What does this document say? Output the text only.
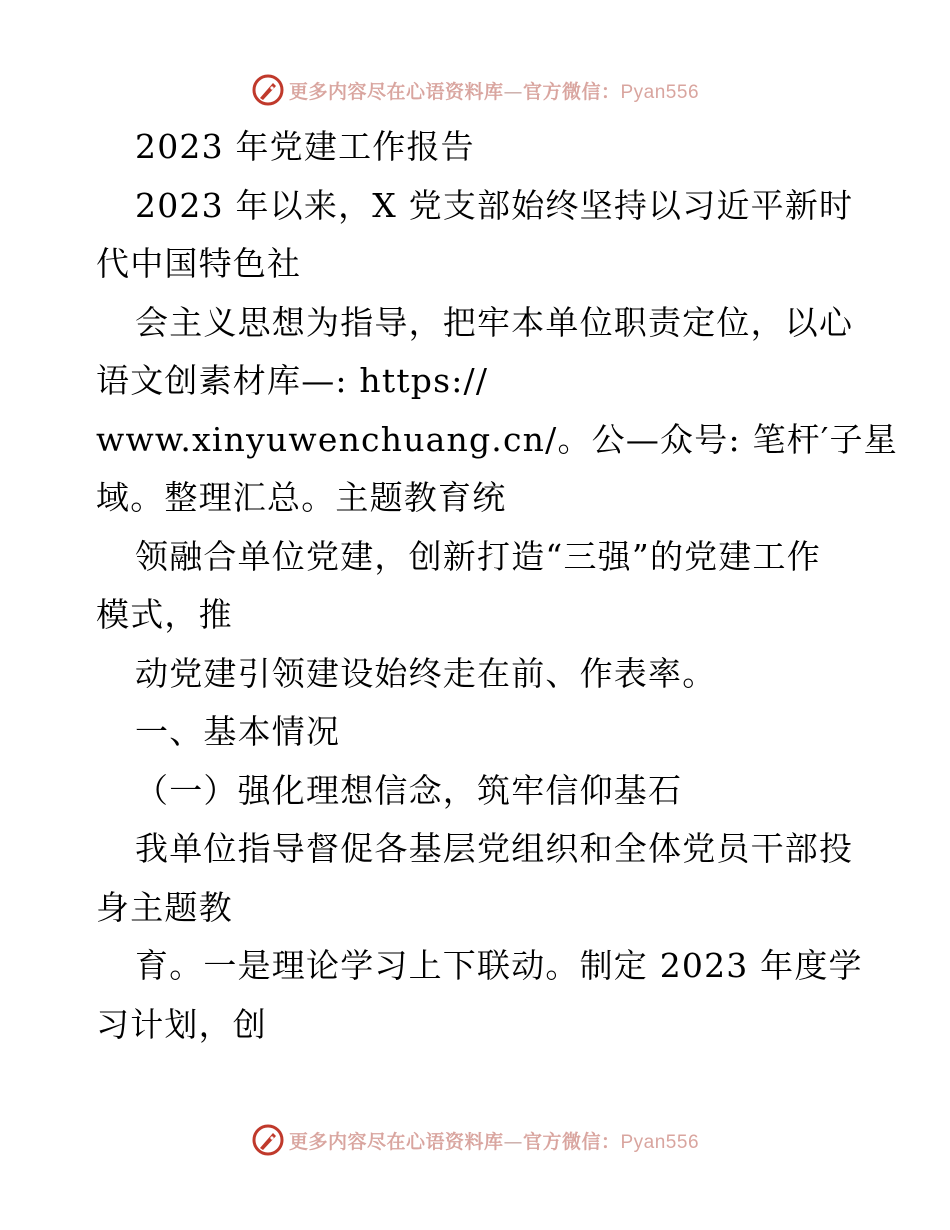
更多内容尽在心语资料库—官方微信：Pyan556
2023 年党建工作报告
2023 年以来，X 党支部始终坚持以习近平新时
代中国特色社
会主义思想为指导，把牢本单位职责定位，以心
语文创素材库—: https://
www.xinyuwenchuang.cn/。公—众号: 笔杆′子星
域。整理汇总。主题教育统
领融合单位党建，创新打造“三强”的党建工作
模式，推
动党建引领建设始终走在前、作表率。
一、基本情况
（一）强化理想信念，筑牢信仰基石
我单位指导督促各基层党组织和全体党员干部投
身主题教
育。一是理论学习上下联动。制定 2023 年度学
习计划，创
更多内容尽在心语资料库—官方微信：Pyan556
